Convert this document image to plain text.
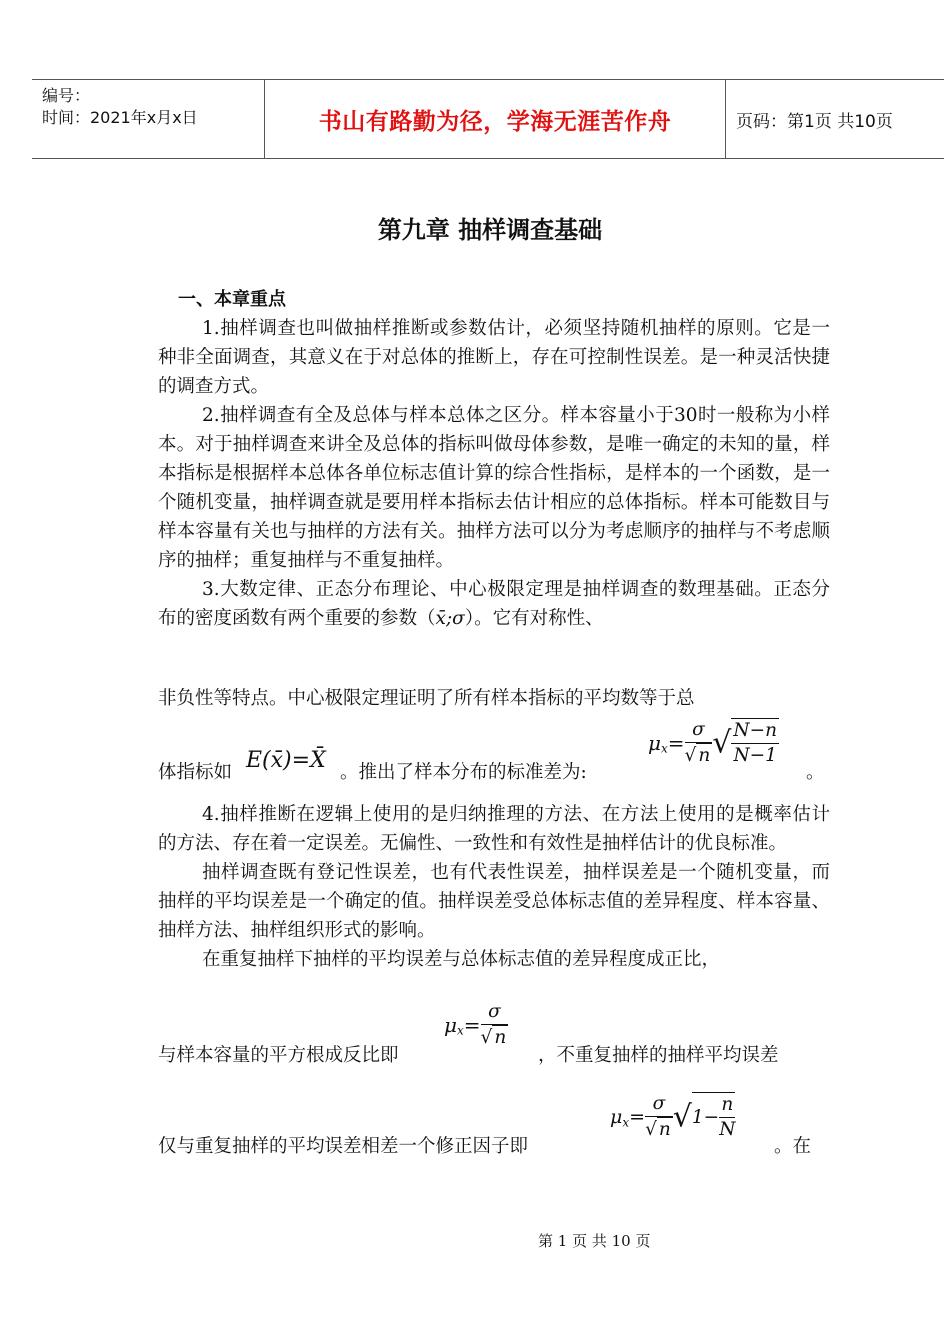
编号：
时间：2021年x月x日	书山有路勤为径，学海无涯苦作舟	页码：第1页 共10页
第九章 抽样调查基础
一、本章重点

1.抽样调查也叫做抽样推断或参数估计，必须坚持随机抽样的原则。它是一种非全面调查，其意义在于对总体的推断上，存在可控制性误差。是一种灵活快捷的调查方式。

2.抽样调查有全及总体与样本总体之区分。样本容量小于30时一般称为小样本。对于抽样调查来讲全及总体的指标叫做母体参数，是唯一确定的未知的量，样本指标是根据样本总体各单位标志值计算的综合性指标，是样本的一个函数，是一个随机变量，抽样调查就是要用样本指标去估计相应的总体指标。样本可能数目与样本容量有关也与抽样的方法有关。抽样方法可以分为考虑顺序的抽样与不考虑顺序的抽样；重复抽样与不重复抽样。

3.大数定律、正态分布理论、中心极限定理是抽样调查的数理基础。正态分布的密度函数有两个重要的参数（x̄;σ）。它有对称性、

非负性等特点。中心极限定理证明了所有样本指标的平均数等于总
体指标如 E(x̄)=X̄ 。推出了样本分布的标准差为:
$\mu_x= \frac{\sigma}{√ n}$ √ $\frac{N-n}{N-1}$
。

4.抽样推断在逻辑上使用的是归纳推理的方法、在方法上使用的是概率估计的方法、存在着一定误差。无偏性、一致性和有效性是抽样估计的优良标准。

抽样调查既有登记性误差，也有代表性误差，抽样误差是一个随机变量，而抽样的平均误差是一个确定的值。抽样误差受总体标志值的差异程度、样本容量、抽样方法、抽样组织形式的影响。

在重复抽样下抽样的平均误差与总体标志值的差异程度成正比，

与样本容量的平方根成反比即
$\mu_x= \frac{\sigma}{√ n}$
，不重复抽样的抽样平均误差
仅与重复抽样的平均误差相差一个修正因子即
$\mu_x= \frac{\sigma}{√ n} √1- \frac{n}{N}$
。在
第 1 页 共 10 页
